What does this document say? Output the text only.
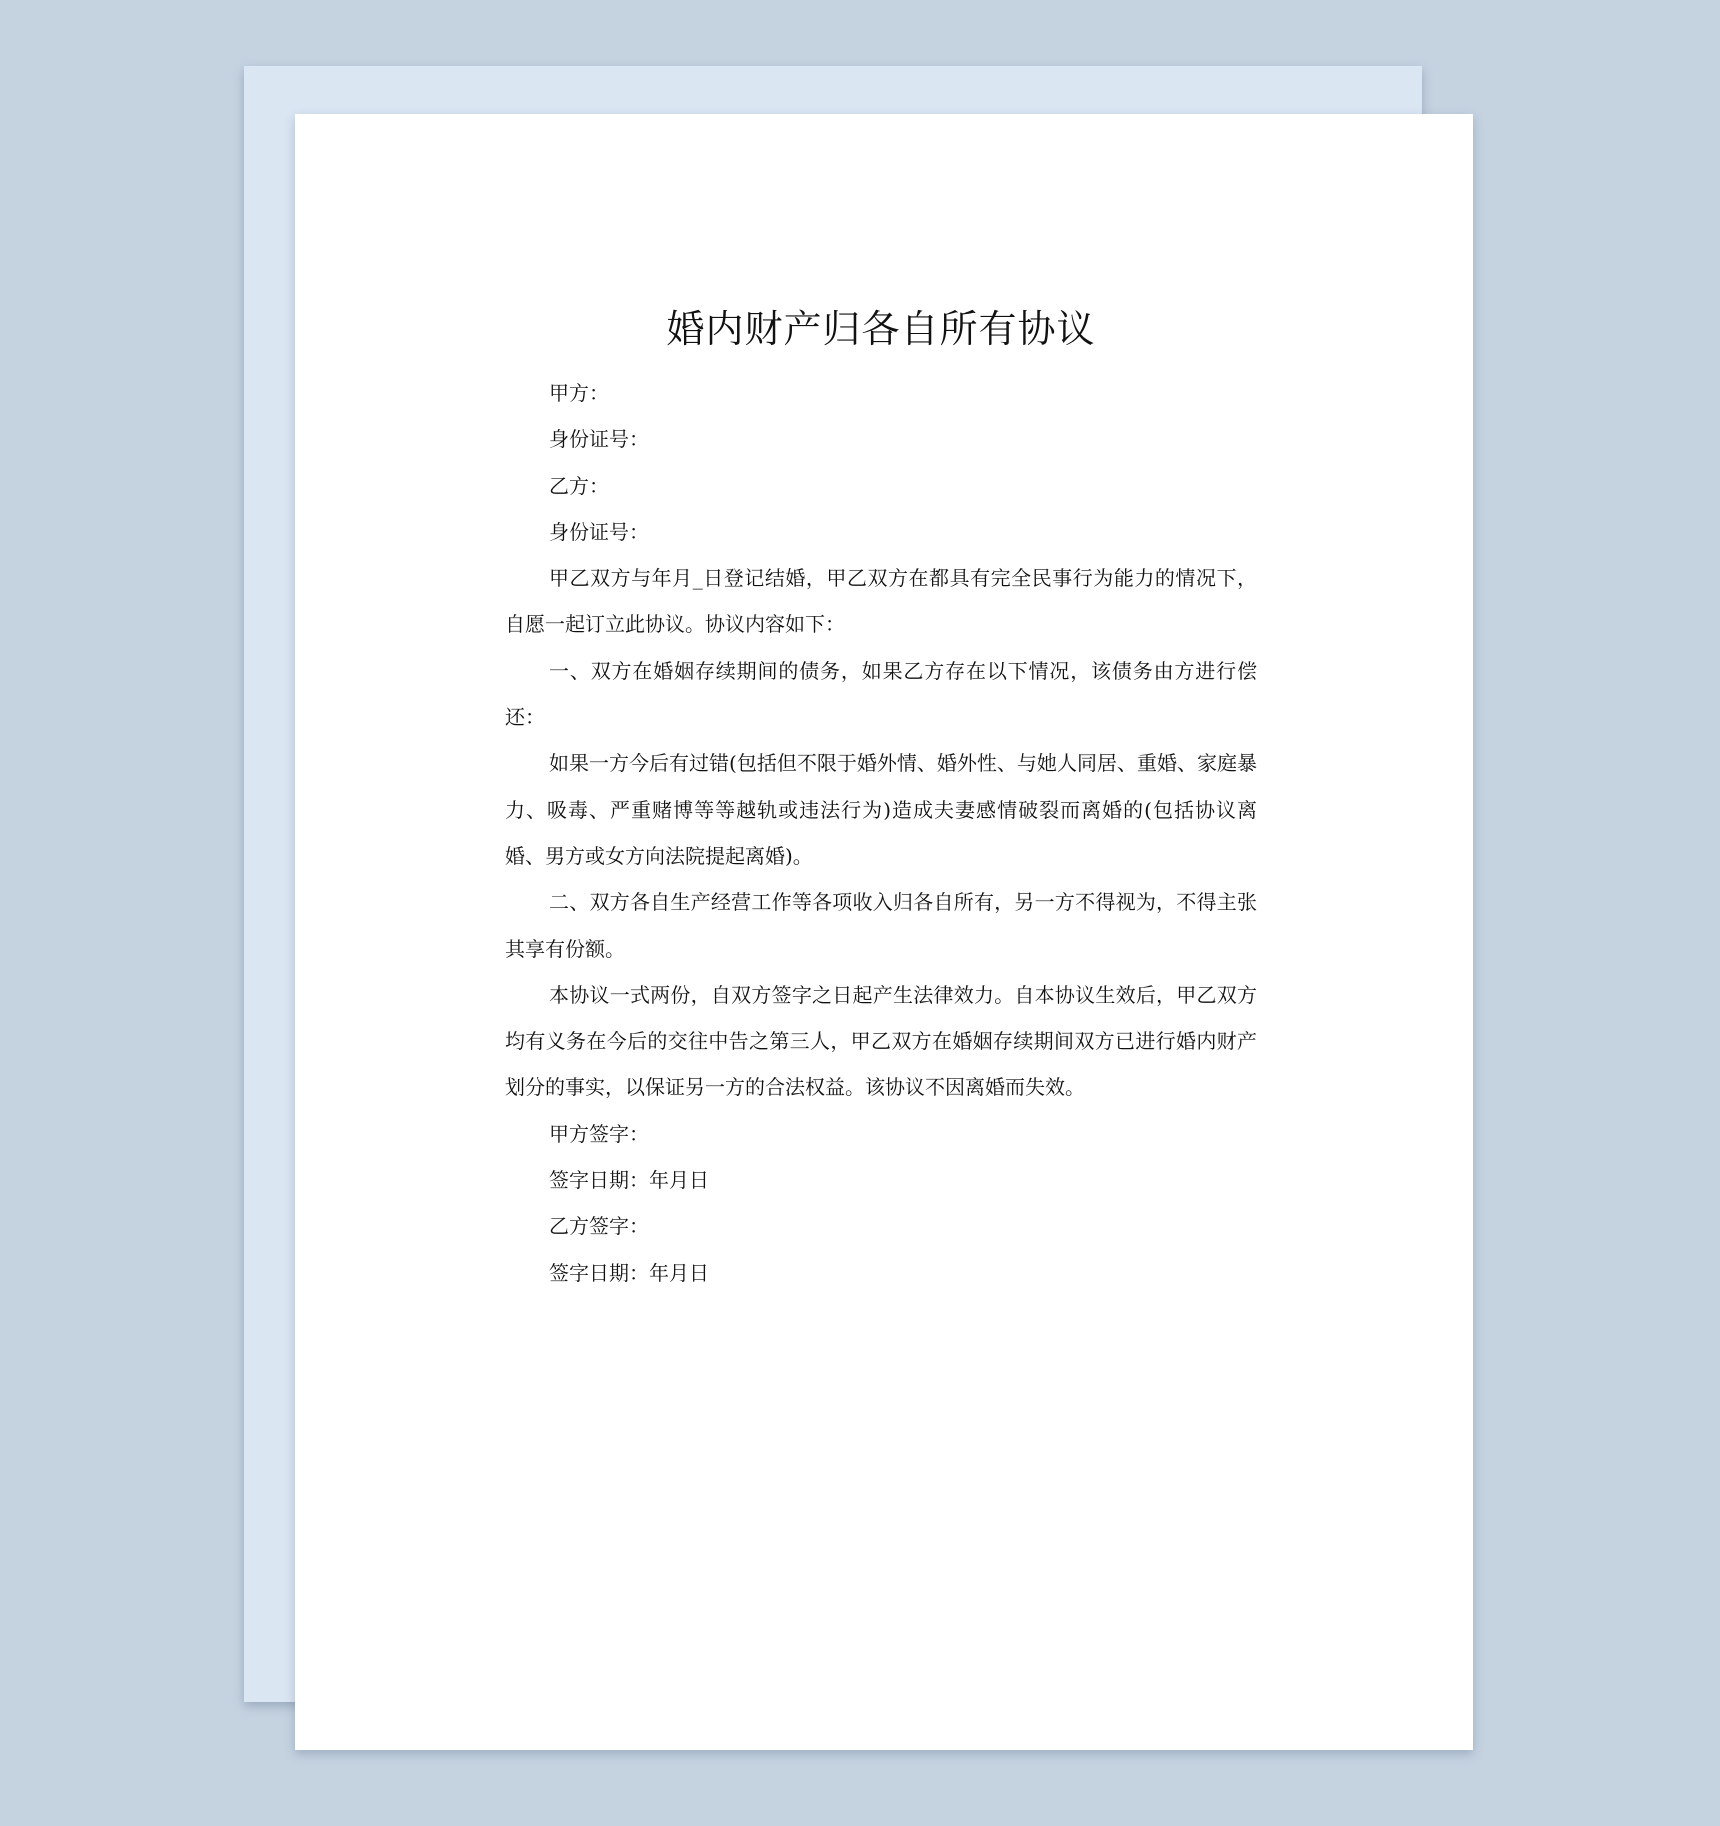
婚内财产归各自所有协议

甲方：

身份证号：

乙方：

身份证号：

甲乙双方与年月_日登记结婚，甲乙双方在都具有完全民事行为能力的情况下，自愿一起订立此协议。协议内容如下：

一、双方在婚姻存续期间的债务，如果乙方存在以下情况，该债务由方进行偿还：

如果一方今后有过错(包括但不限于婚外情、婚外性、与她人同居、重婚、家庭暴力、吸毒、严重赌博等等越轨或违法行为)造成夫妻感情破裂而离婚的(包括协议离婚、男方或女方向法院提起离婚)。

二、双方各自生产经营工作等各项收入归各自所有，另一方不得视为，不得主张其享有份额。

本协议一式两份，自双方签字之日起产生法律效力。自本协议生效后，甲乙双方均有义务在今后的交往中告之第三人，甲乙双方在婚姻存续期间双方已进行婚内财产划分的事实，以保证另一方的合法权益。该协议不因离婚而失效。

甲方签字：

签字日期：年月日

乙方签字：

签字日期：年月日
